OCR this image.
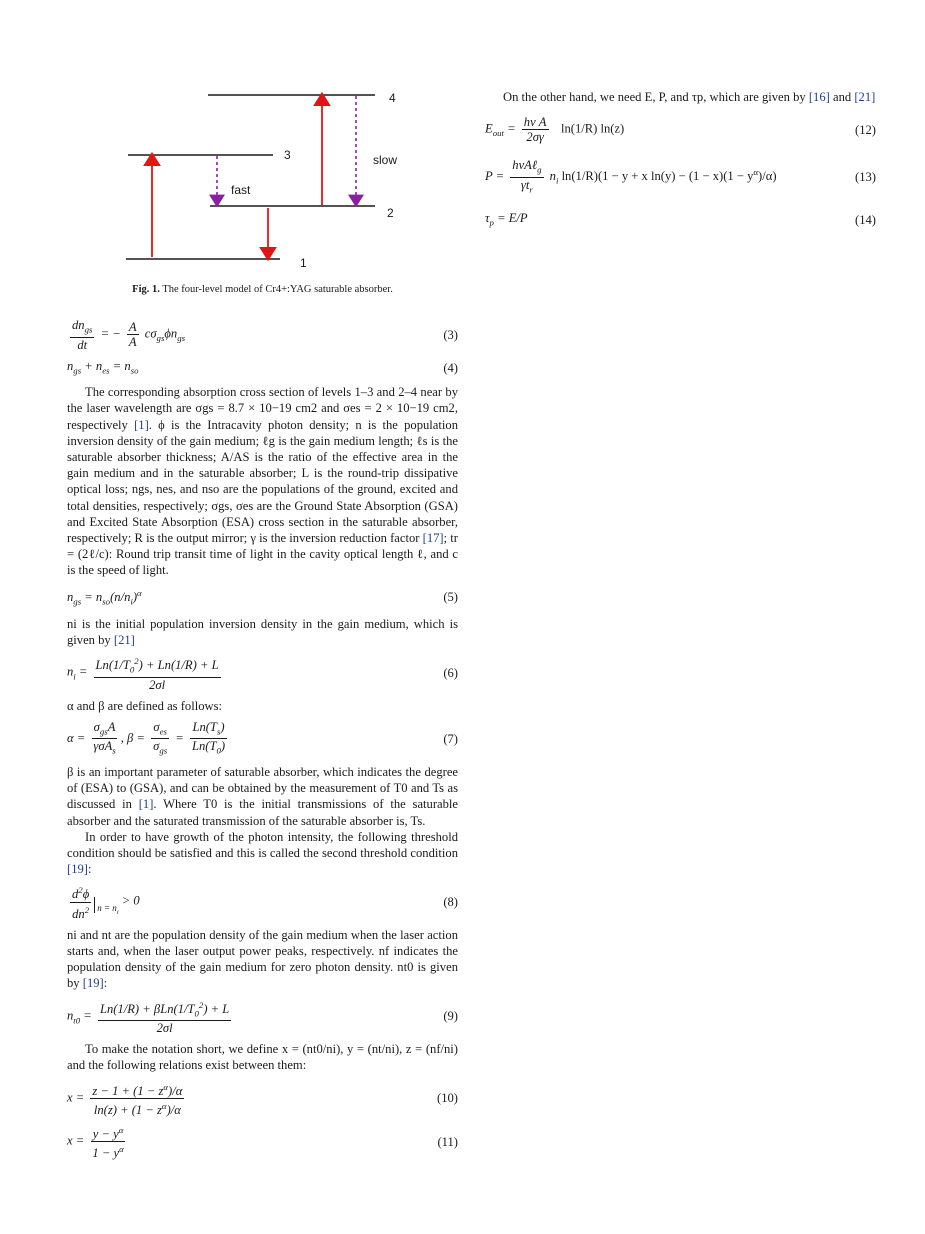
4
3
2
1
fast
slow
Fig. 1. The four-level model of Cr4+:YAG saturable absorber.
$\frac{dn_{gs}}{dt}$ = − $\frac{A}{A} c\sigma_{gs}\phi n_{gs}$	(3)
$n_{gs} + n_{es} = n_{so}$	(4)

The corresponding absorption cross section of levels 1–3 and 2–4 near by the laser wavelength are σgs = 8.7 × 10−19 cm2 and σes = 2 × 10−19 cm2, respectively [1]. ϕ is the Intracavity photon density; n is the population inversion density of the gain medium; ℓg is the gain medium length; ℓs is the saturable absorber thickness; A/AS is the ratio of the effective area in the gain medium and in the saturable absorber; L is the round-trip dissipative optical loss; ngs, nes, and nso are the populations of the ground, excited and total densities, respectively; σgs, σes are the Ground State Absorption (GSA) and Excited State Absorption (ESA) cross section in the saturable absorber, respectively; R is the output mirror; γ is the inversion reduction factor [17]; tr = (2ℓ/c): Round trip transit time of light in the cavity optical length ℓ, and c is the speed of light.

$n_{gs} = n_{so}(n/n_i)^\alpha$	(5)

ni is the initial population inversion density in the gain medium, which is given by [21]

$n_i = \frac{Ln(1/T_0^2) + Ln(1/R) + L}{2\sigma l}$	(6)

α and β are defined as follows:

$\alpha = \frac{\sigma_{gs}A}{\gamma\sigma A_s}$ , $\beta = \frac{\sigma_{es}}{\sigma_{gs}} = \frac{Ln(T_s)}{Ln(T_0)}$	(7)

β is an important parameter of saturable absorber, which indicates the degree of (ESA) to (GSA), and can be obtained by the measurement of T0 and Ts as discussed in [1]. Where T0 is the initial transmissions of the saturable absorber and the saturated transmission of the saturable absorber is, Ts.

In order to have growth of the photon intensity, the following threshold condition should be satisfied and this is called the second threshold condition [19]:

$\frac{d^2\phi}{dn^2}$ $n = n_i > 0$	(8)

ni and nt are the population density of the gain medium when the laser action starts and, when the laser output power peaks, respectively. nf indicates the population density of the gain medium for zero photon density. nt0 is given by [19]:

$n_{t0} = \frac{Ln(1/R) + \beta Ln(1/T_0^2) + L}{2\sigma l}$	(9)

To make the notation short, we define x = (nt0/ni), y = (nt/ni), z = (nf/ni) and the following relations exist between them:

$x = \frac{z - 1 + (1 - z^\alpha)/\alpha}{\ln(z) + (1 - z^\alpha)/\alpha}$	(10)
$x = \frac{y - y^\alpha}{1 - y^\alpha}$	(11)

On the other hand, we need E, P, and τp, which are given by [16] and [21]

$E_{out} = \frac{\text{hν A}}{2\sigma\gamma} \ln(1/R)$ ln(z)	(12)
$P = \frac{h\nu A\ell_g}{\gamma t_r} n_i$ ln(1/R)(1 − y + x $\ln(y) - (1 - x)(1 - y^\alpha)/\alpha$)	(13)
$\tau_p = E/P$	(14)
